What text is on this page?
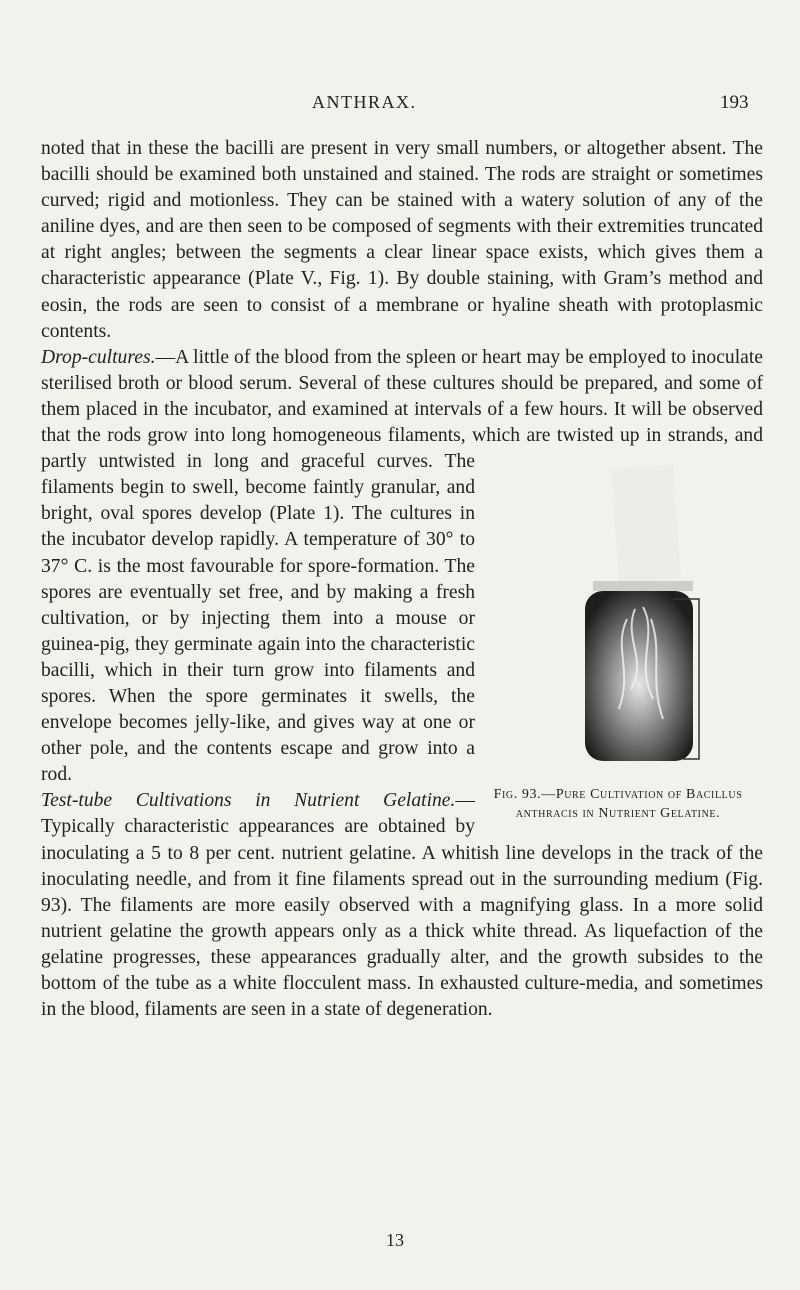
ANTHRAX.	193

noted that in these the bacilli are present in very small numbers, or altogether absent. The bacilli should be examined both unstained and stained. The rods are straight or sometimes curved; rigid and motionless. They can be stained with a watery solution of any of the aniline dyes, and are then seen to be composed of segments with their extremities truncated at right angles; between the segments a clear linear space exists, which gives them a characteristic appearance (Plate V., Fig. 1). By double staining, with Gram’s method and eosin, the rods are seen to consist of a membrane or hyaline sheath with protoplasmic contents.

Drop-cultures.—A little of the blood from the spleen or heart may be employed to inoculate sterilised broth or blood serum. Several of these cultures should be prepared, and some of them placed in the incubator, and examined at intervals of a few hours. It will be observed that the rods grow into long homogeneous filaments, which are twisted up in strands, and partly untwisted in long and graceful curves.
Fig. 93.—Pure Cultivation of Bacillus anthracis in Nutrient Gelatine.
The filaments begin to swell, become faintly granular, and bright, oval spores develop (Plate 1). The cultures in the incubator develop rapidly. A temperature of 30° to 37° C. is the most favourable for spore-formation. The spores are eventually set free, and by making a fresh cultivation, or by injecting them into a mouse or guinea-pig, they germinate again into the characteristic bacilli, which in their turn grow into filaments and spores. When the spore germinates it swells, the envelope becomes jelly-like, and gives way at one or other pole, and the contents escape and grow into a rod.

Test-tube Cultivations in Nutrient Gelatine.— Typically characteristic appearances are obtained by inoculating a 5 to 8 per cent. nutrient gelatine. A whitish line develops in the track of the inoculating needle, and from it fine filaments spread out in the surrounding medium (Fig. 93). The filaments are more easily observed with a magnifying glass. In a more solid nutrient gelatine the growth appears only as a thick white thread. As liquefaction of the gelatine progresses, these appearances gradually alter, and the growth subsides to the bottom of the tube as a white flocculent mass. In exhausted culture-media, and sometimes in the blood, filaments are seen in a state of degeneration.

13
